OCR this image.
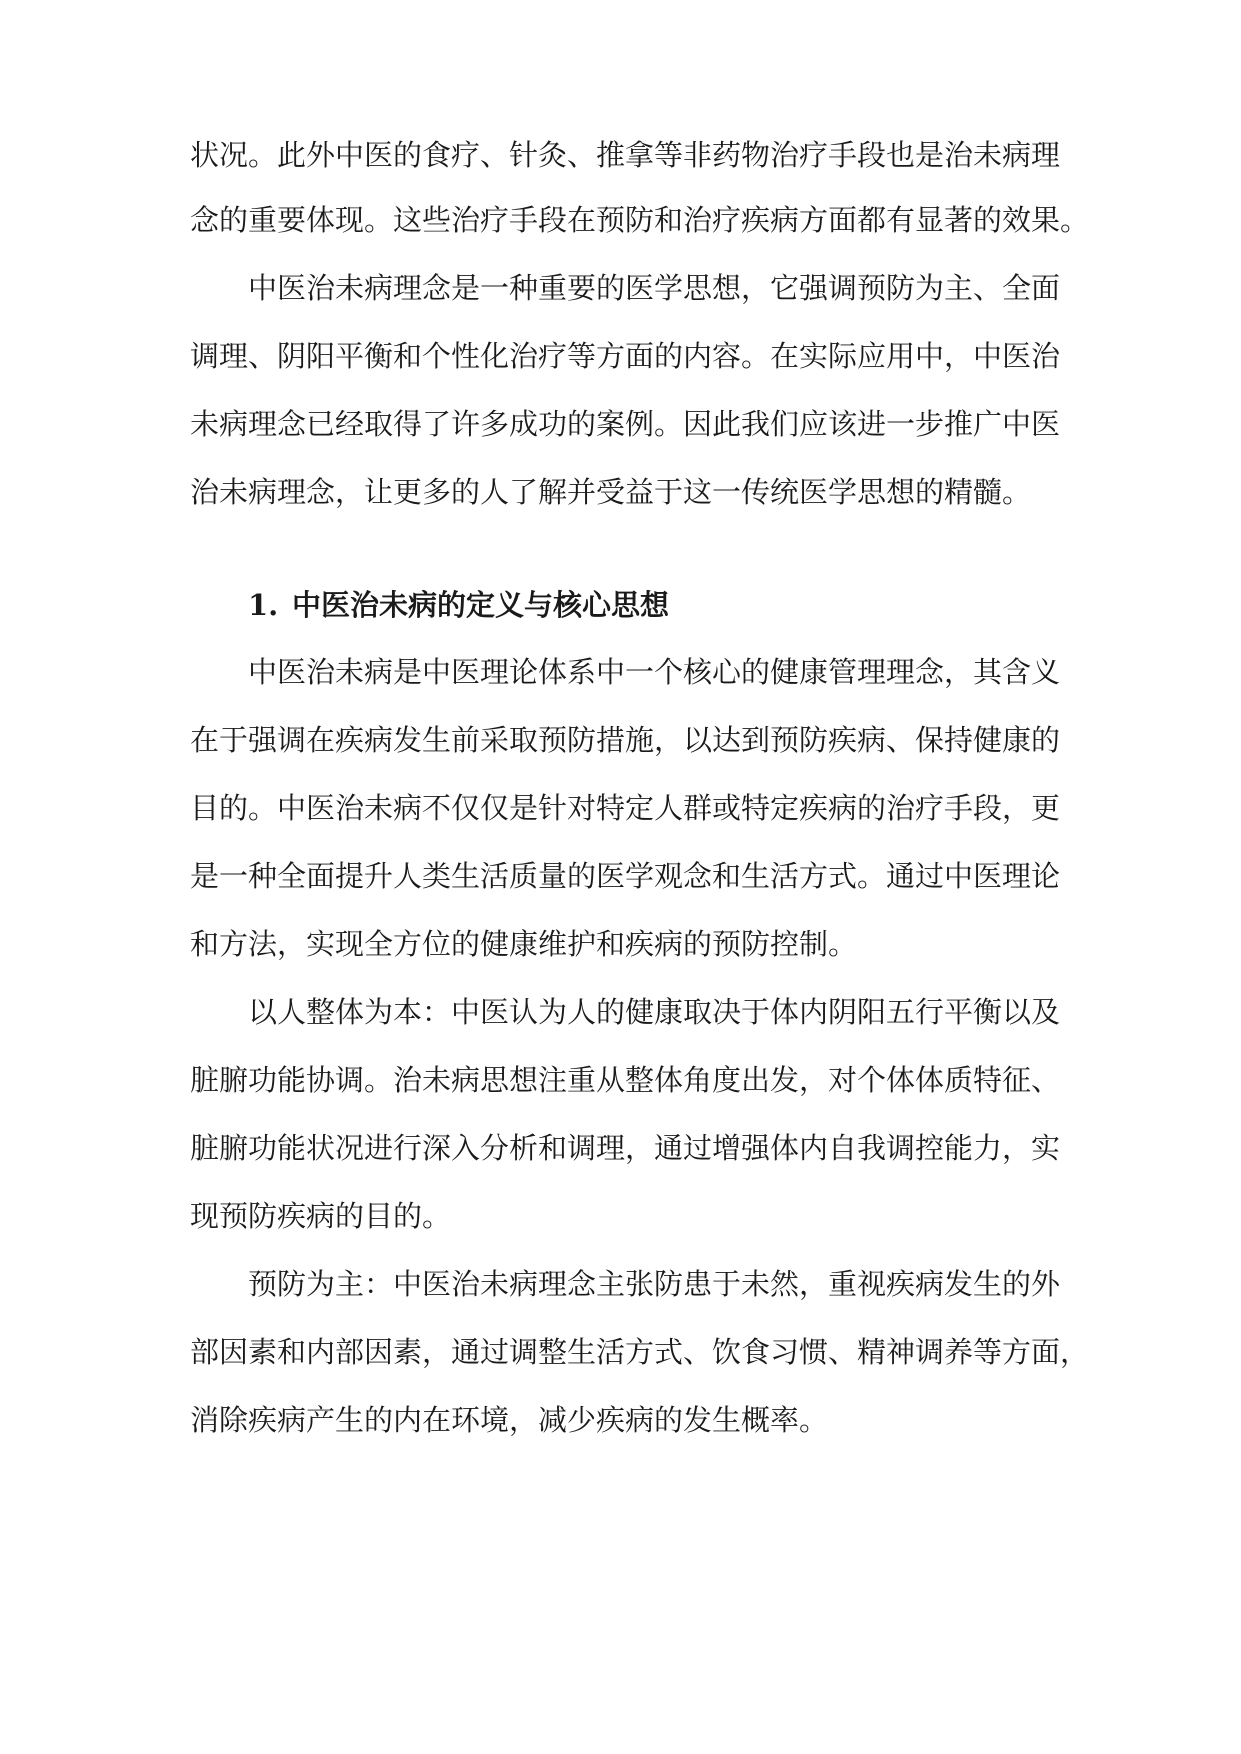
状况。此外中医的食疗、针灸、推拿等非药物治疗手段也是治未病理
念的重要体现。这些治疗手段在预防和治疗疾病方面都有显著的效果。
中医治未病理念是一种重要的医学思想，它强调预防为主、全面
调理、阴阳平衡和个性化治疗等方面的内容。在实际应用中，中医治
未病理念已经取得了许多成功的案例。因此我们应该进一步推广中医
治未病理念，让更多的人了解并受益于这一传统医学思想的精髓。
1. 中医治未病的定义与核心思想
中医治未病是中医理论体系中一个核心的健康管理理念，其含义
在于强调在疾病发生前采取预防措施，以达到预防疾病、保持健康的
目的。中医治未病不仅仅是针对特定人群或特定疾病的治疗手段，更
是一种全面提升人类生活质量的医学观念和生活方式。通过中医理论
和方法，实现全方位的健康维护和疾病的预防控制。
以人整体为本：中医认为人的健康取决于体内阴阳五行平衡以及
脏腑功能协调。治未病思想注重从整体角度出发，对个体体质特征、
脏腑功能状况进行深入分析和调理，通过增强体内自我调控能力，实
现预防疾病的目的。
预防为主：中医治未病理念主张防患于未然，重视疾病发生的外
部因素和内部因素，通过调整生活方式、饮食习惯、精神调养等方面，
消除疾病产生的内在环境，减少疾病的发生概率。
